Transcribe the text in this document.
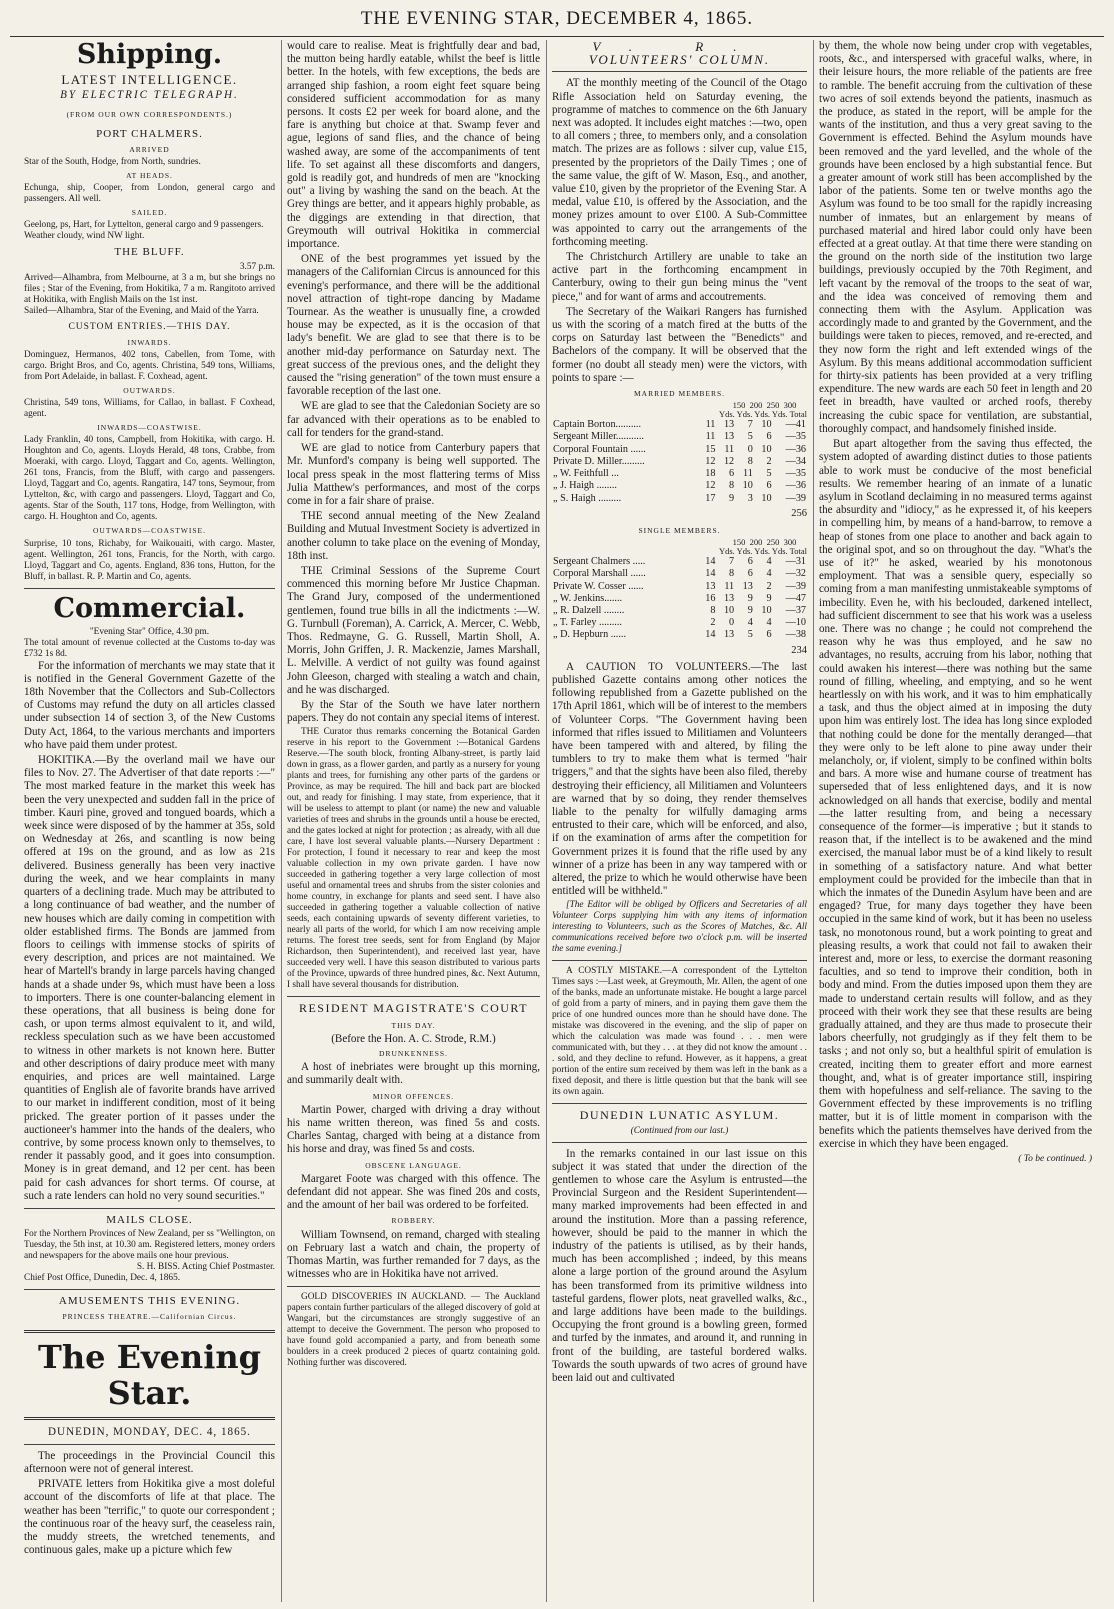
THE EVENING STAR, DECEMBER 4, 1865.
Shipping.
LATEST INTELLIGENCE.
BY ELECTRIC TELEGRAPH.
(FROM OUR OWN CORRESPONDENTS.)
PORT CHALMERS.
ARRIVED
Star of the South, Hodge, from North, sundries.
AT HEADS.
Echunga, ship, Cooper, from London, general cargo and passengers. All well.
SAILED.
Geelong, ps, Hart, for Lyttelton, general cargo and 9 passengers.
Weather cloudy, wind NW light.
THE BLUFF.
3.57 p.m.
Arrived—Alhambra, from Melbourne, at 3 a m, but she brings no files ; Star of the Evening, from Hokitika, 7 a m. Rangitoto arrived at Hokitika, with English Mails on the 1st inst.
Sailed—Alhambra, Star of the Evening, and Maid of the Yarra.
CUSTOM ENTRIES.—THIS DAY.
INWARDS.
Dominguez, Hermanos, 402 tons, Cabellen, from Tome, with cargo. Bright Bros, and Co, agents. Christina, 549 tons, Williams, from Port Adelaide, in ballast. F. Coxhead, agent.
OUTWARDS.
Christina, 549 tons, Williams, for Callao, in ballast. F Coxhead, agent.
INWARDS—COASTWISE.
Lady Franklin, 40 tons, Campbell, from Hokitika, with cargo. H. Houghton and Co, agents. Lloyds Herald, 48 tons, Crabbe, from Moeraki, with cargo. Lloyd, Taggart and Co, agents. Wellington, 261 tons, Francis, from the Bluff, with cargo and passengers. Lloyd, Taggart and Co, agents. Rangatira, 147 tons, Seymour, from Lyttelton, &c, with cargo and passengers. Lloyd, Taggart and Co, agents. Star of the South, 117 tons, Hodge, from Wellington, with cargo. H. Houghton and Co, agents.
OUTWARDS—COASTWISE.
Surprise, 10 tons, Richaby, for Waikouaiti, with cargo. Master, agent. Wellington, 261 tons, Francis, for the North, with cargo. Lloyd, Taggart and Co, agents. England, 836 tons, Hutton, for the Bluff, in ballast. R. P. Martin and Co, agents.
Commercial.
"Evening Star" Office, 4.30 pm.
The total amount of revenue collected at the Customs to-day was £732 1s 8d.

For the information of merchants we may state that it is notified in the General Government Gazette of the 18th November that the Collectors and Sub-Collectors of Customs may refund the duty on all articles classed under subsection 14 of section 3, of the New Customs Duty Act, 1864, to the various merchants and importers who have paid them under protest.

HOKITIKA.—By the overland mail we have our files to Nov. 27. The Advertiser of that date reports :—" The most marked feature in the market this week has been the very unexpected and sudden fall in the price of timber. Kauri pine, groved and tongued boards, which a week since were disposed of by the hammer at 35s, sold on Wednesday at 26s, and scantling is now being offered at 19s on the ground, and as low as 21s delivered. Business generally has been very inactive during the week, and we hear complaints in many quarters of a declining trade. Much may be attributed to a long continuance of bad weather, and the number of new houses which are daily coming in competition with older established firms. The Bonds are jammed from floors to ceilings with immense stocks of spirits of every description, and prices are not maintained. We hear of Martell's brandy in large parcels having changed hands at a shade under 9s, which must have been a loss to importers. There is one counter-balancing element in these operations, that all business is being done for cash, or upon terms almost equivalent to it, and wild, reckless speculation such as we have been accustomed to witness in other markets is not known here. Butter and other descriptions of dairy produce meet with many enquiries, and prices are well maintained. Large quantities of English ale of favorite brands have arrived to our market in indifferent condition, most of it being pricked. The greater portion of it passes under the auctioneer's hammer into the hands of the dealers, who contrive, by some process known only to themselves, to render it passably good, and it goes into consumption. Money is in great demand, and 12 per cent. has been paid for cash advances for short terms. Of course, at such a rate lenders can hold no very sound securities."

MAILS CLOSE.
For the Northern Provinces of New Zealand, per ss "Wellington, on Tuesday, the 5th inst, at 10.30 am. Registered letters, money orders and newspapers for the above mails one hour previous.
S. H. BISS. Acting Chief Postmaster.
Chief Post Office, Dunedin, Dec. 4, 1865.
AMUSEMENTS THIS EVENING.
PRINCESS THEATRE.—Californian Circus.
The Evening Star.
DUNEDIN, MONDAY, DEC. 4, 1865.

The proceedings in the Provincial Council this afternoon were not of general interest.

PRIVATE letters from Hokitika give a most doleful account of the discomforts of life at that place. The weather has been "terrific," to quote our correspondent ; the continuous roar of the heavy surf, the ceaseless rain, the muddy streets, the wretched tenements, and continuous gales, make up a picture which few

would care to realise. Meat is frightfully dear and bad, the mutton being hardly eatable, whilst the beef is little better. In the hotels, with few exceptions, the beds are arranged ship fashion, a room eight feet square being considered sufficient accommodation for as many persons. It costs £2 per week for board alone, and the fare is anything but choice at that. Swamp fever and ague, legions of sand flies, and the chance of being washed away, are some of the accompaniments of tent life. To set against all these discomforts and dangers, gold is readily got, and hundreds of men are "knocking out" a living by washing the sand on the beach. At the Grey things are better, and it appears highly probable, as the diggings are extending in that direction, that Greymouth will outrival Hokitika in commercial importance.

ONE of the best programmes yet issued by the managers of the Californian Circus is announced for this evening's performance, and there will be the additional novel attraction of tight-rope dancing by Madame Tournear. As the weather is unusually fine, a crowded house may be expected, as it is the occasion of that lady's benefit. We are glad to see that there is to be another mid-day performance on Saturday next. The great success of the previous ones, and the delight they caused the "rising generation" of the town must ensure a favorable reception of the last one.

WE are glad to see that the Caledonian Society are so far advanced with their operations as to be enabled to call for tenders for the grand-stand.

WE are glad to notice from Canterbury papers that Mr. Munford's company is being well supported. The local press speak in the most flattering terms of Miss Julia Matthew's performances, and most of the corps come in for a fair share of praise.

THE second annual meeting of the New Zealand Building and Mutual Investment Society is advertized in another column to take place on the evening of Monday, 18th inst.

THE Criminal Sessions of the Supreme Court commenced this morning before Mr Justice Chapman. The Grand Jury, composed of the undermentioned gentlemen, found true bills in all the indictments :—W. G. Turnbull (Foreman), A. Carrick, A. Mercer, C. Webb, Thos. Redmayne, G. G. Russell, Martin Sholl, A. Morris, John Griffen, J. R. Mackenzie, James Marshall, L. Melville. A verdict of not guilty was found against John Gleeson, charged with stealing a watch and chain, and he was discharged.

By the Star of the South we have later northern papers. They do not contain any special items of interest.

THE Curator thus remarks concerning the Botanical Garden reserve in his report to the Government :—Botanical Gardens Reserve.—The south block, fronting Albany-street, is partly laid down in grass, as a flower garden, and partly as a nursery for young plants and trees, for furnishing any other parts of the gardens or Province, as may be required. The hill and back part are blocked out, and ready for finishing. I may state, from experience, that it will be useless to attempt to plant (or name) the new and valuable varieties of trees and shrubs in the grounds until a house be erected, and the gates locked at night for protection ; as already, with all due care, I have lost several valuable plants.—Nursery Department : For protection, I found it necessary to rear and keep the most valuable collection in my own private garden. I have now succeeded in gathering together a very large collection of most useful and ornamental trees and shrubs from the sister colonies and home country, in exchange for plants and seed sent. I have also succeeded in gathering together a valuable collection of native seeds, each containing upwards of seventy different varieties, to nearly all parts of the world, for which I am now receiving ample returns. The forest tree seeds, sent for from England (by Major Richardson, then Superintendent), and received last year, have succeeded very well. I have this season distributed to various parts of the Province, upwards of three hundred pines, &c. Next Autumn, I shall have several thousands for distribution.

RESIDENT MAGISTRATE'S COURT
THIS DAY.
(Before the Hon. A. C. Strode, R.M.)
DRUNKENNESS.

A host of inebriates were brought up this morning, and summarily dealt with.

MINOR OFFENCES.

Martin Power, charged with driving a dray without his name written thereon, was fined 5s and costs. Charles Santag, charged with being at a distance from his horse and dray, was fined 5s and costs.

OBSCENE LANGUAGE.

Margaret Foote was charged with this offence. The defendant did not appear. She was fined 20s and costs, and the amount of her bail was ordered to be forfeited.

ROBBERY.

William Townsend, on remand, charged with stealing on February last a watch and chain, the property of Thomas Martin, was further remanded for 7 days, as the witnesses who are in Hokitika have not arrived.

GOLD DISCOVERIES IN AUCKLAND. — The Auckland papers contain further particulars of the alleged discovery of gold at Wangari, but the circumstances are strongly suggestive of an attempt to deceive the Government. The person who proposed to have found gold accompanied a party, and from beneath some boulders in a creek produced 2 pieces of quartz containing gold. Nothing further was discovered.

V. R.
VOLUNTEERS' COLUMN.

AT the monthly meeting of the Council of the Otago Rifle Association held on Saturday evening, the programme of matches to commence on the 6th January next was adopted. It includes eight matches :—two, open to all comers ; three, to members only, and a consolation match. The prizes are as follows : silver cup, value £15, presented by the proprietors of the Daily Times ; one of the same value, the gift of W. Mason, Esq., and another, value £10, given by the proprietor of the Evening Star. A medal, value £10, is offered by the Association, and the money prizes amount to over £100. A Sub-Committee was appointed to carry out the arrangements of the forthcoming meeting.

The Christchurch Artillery are unable to take an active part in the forthcoming encampment in Canterbury, owing to their gun being minus the "vent piece," and for want of arms and accoutrements.

The Secretary of the Waikari Rangers has furnished us with the scoring of a match fired at the butts of the corps on Saturday last between the "Benedicts" and Bachelors of the company. It will be observed that the former (no doubt all steady men) were the victors, with points to spare :—

MARRIED MEMBERS.
150 200 250 300
Yds. Yds. Yds. Yds. Total
Captain Borton..........	11	13	7	10	—41
Sergeant Miller...........	11	13	5	6	—35
Corporal Fountain ......	15	11	0	10	—36
Private D. Miller.........	12	12	8	2	—34
„ W. Feithfull ...	18	6	11	5	—35
„ J. Haigh ........	12	8	10	6	—36
„ S. Haigh .........	17	9	3	10	—39
256
SINGLE MEMBERS.
150 200 250 300
Yds. Yds. Yds. Yds. Total
Sergeant Chalmers .....	14	7	6	4	—31
Corporal Marshall ......	14	8	6	4	—32
Private W. Cosser ......	13	11	13	2	—39
„ W. Jenkins.......	16	13	9	9	—47
„ R. Dalzell ........	8	10	9	10	—37
„ T. Farley .........	2	0	4	4	—10
„ D. Hepburn ......	14	13	5	6	—38
234

A CAUTION TO VOLUNTEERS.—The last published Gazette contains among other notices the following republished from a Gazette published on the 17th April 1861, which will be of interest to the members of Volunteer Corps. "The Government having been informed that rifles issued to Militiamen and Volunteers have been tampered with and altered, by filing the tumblers to try to make them what is termed "hair triggers," and that the sights have been also filed, thereby destroying their efficiency, all Militiamen and Volunteers are warned that by so doing, they render themselves liable to the penalty for wilfully damaging arms entrusted to their care, which will be enforced, and also, if on the examination of arms after the competition for Government prizes it is found that the rifle used by any winner of a prize has been in any way tampered with or altered, the prize to which he would otherwise have been entitled will be withheld."

[The Editor will be obliged by Officers and Secretaries of all Volunteer Corps supplying him with any items of information interesting to Volunteers, such as the Scores of Matches, &c. All communications received before two o'clock p.m. will be inserted the same evening.]

A COSTLY MISTAKE.—A correspondent of the Lyttelton Times says :—Last week, at Greymouth, Mr. Allen, the agent of one of the banks, made an unfortunate mistake. He bought a large parcel of gold from a party of miners, and in paying them gave them the price of one hundred ounces more than he should have done. The mistake was discovered in the evening, and the slip of paper on which the calculation was made was found . . . men were communicated with, but they . . . at they did not know the amount . . . sold, and they decline to refund. However, as it happens, a great portion of the entire sum received by them was left in the bank as a fixed deposit, and there is little question but that the bank will see its own again.

DUNEDIN LUNATIC ASYLUM.
(Continued from our last.)

In the remarks contained in our last issue on this subject it was stated that under the direction of the gentlemen to whose care the Asylum is entrusted—the Provincial Surgeon and the Resident Superintendent—many marked improvements had been effected in and around the institution. More than a passing reference, however, should be paid to the manner in which the industry of the patients is utilised, as by their hands, much has been accomplished ; indeed, by this means alone a large portion of the ground around the Asylum has been transformed from its primitive wildness into tasteful gardens, flower plots, neat gravelled walks, &c., and large additions have been made to the buildings. Occupying the front ground is a bowling green, formed and turfed by the inmates, and around it, and running in front of the building, are tasteful bordered walks. Towards the south upwards of two acres of ground have been laid out and cultivated

by them, the whole now being under crop with vegetables, roots, &c., and interspersed with graceful walks, where, in their leisure hours, the more reliable of the patients are free to ramble. The benefit accruing from the cultivation of these two acres of soil extends beyond the patients, inasmuch as the produce, as stated in the report, will be ample for the wants of the institution, and thus a very great saving to the Government is effected. Behind the Asylum mounds have been removed and the yard levelled, and the whole of the grounds have been enclosed by a high substantial fence. But a greater amount of work still has been accomplished by the labor of the patients. Some ten or twelve months ago the Asylum was found to be too small for the rapidly increasing number of inmates, but an enlargement by means of purchased material and hired labor could only have been effected at a great outlay. At that time there were standing on the ground on the north side of the institution two large buildings, previously occupied by the 70th Regiment, and left vacant by the removal of the troops to the seat of war, and the idea was conceived of removing them and connecting them with the Asylum. Application was accordingly made to and granted by the Government, and the buildings were taken to pieces, removed, and re-erected, and they now form the right and left extended wings of the Asylum. By this means additional accommodation sufficient for thirty-six patients has been provided at a very trifling expenditure. The new wards are each 50 feet in length and 20 feet in breadth, have vaulted or arched roofs, thereby increasing the cubic space for ventilation, are substantial, thoroughly compact, and handsomely finished inside.

But apart altogether from the saving thus effected, the system adopted of awarding distinct duties to those patients able to work must be conducive of the most beneficial results. We remember hearing of an inmate of a lunatic asylum in Scotland declaiming in no measured terms against the absurdity and "idiocy," as he expressed it, of his keepers in compelling him, by means of a hand-barrow, to remove a heap of stones from one place to another and back again to the original spot, and so on throughout the day. "What's the use of it?" he asked, wearied by his monotonous employment. That was a sensible query, especially so coming from a man manifesting unmistakeable symptoms of imbecility. Even he, with his beclouded, darkened intellect, had sufficient discernment to see that his work was a useless one. There was no change ; he could not comprehend the reason why he was thus employed, and he saw no advantages, no results, accruing from his labor, nothing that could awaken his interest—there was nothing but the same round of filling, wheeling, and emptying, and so he went heartlessly on with his work, and it was to him emphatically a task, and thus the object aimed at in imposing the duty upon him was entirely lost. The idea has long since exploded that nothing could be done for the mentally deranged—that they were only to be left alone to pine away under their melancholy, or, if violent, simply to be confined within bolts and bars. A more wise and humane course of treatment has superseded that of less enlightened days, and it is now acknowledged on all hands that exercise, bodily and mental—the latter resulting from, and being a necessary consequence of the former—is imperative ; but it stands to reason that, if the intellect is to be awakened and the mind exercised, the manual labor must be of a kind likely to result in something of a satisfactory nature. And what better employment could be provided for the imbecile than that in which the inmates of the Dunedin Asylum have been and are engaged? True, for many days together they have been occupied in the same kind of work, but it has been no useless task, no monotonous round, but a work pointing to great and pleasing results, a work that could not fail to awaken their interest and, more or less, to exercise the dormant reasoning faculties, and so tend to improve their condition, both in body and mind. From the duties imposed upon them they are made to understand certain results will follow, and as they proceed with their work they see that these results are being gradually attained, and they are thus made to prosecute their labors cheerfully, not grudgingly as if they felt them to be tasks ; and not only so, but a healthful spirit of emulation is created, inciting them to greater effort and more earnest thought, and, what is of greater importance still, inspiring them with hopefulness and self-reliance. The saving to the Government effected by these improvements is no trifling matter, but it is of little moment in comparison with the benefits which the patients themselves have derived from the exercise in which they have been engaged.

( To be continued. )
